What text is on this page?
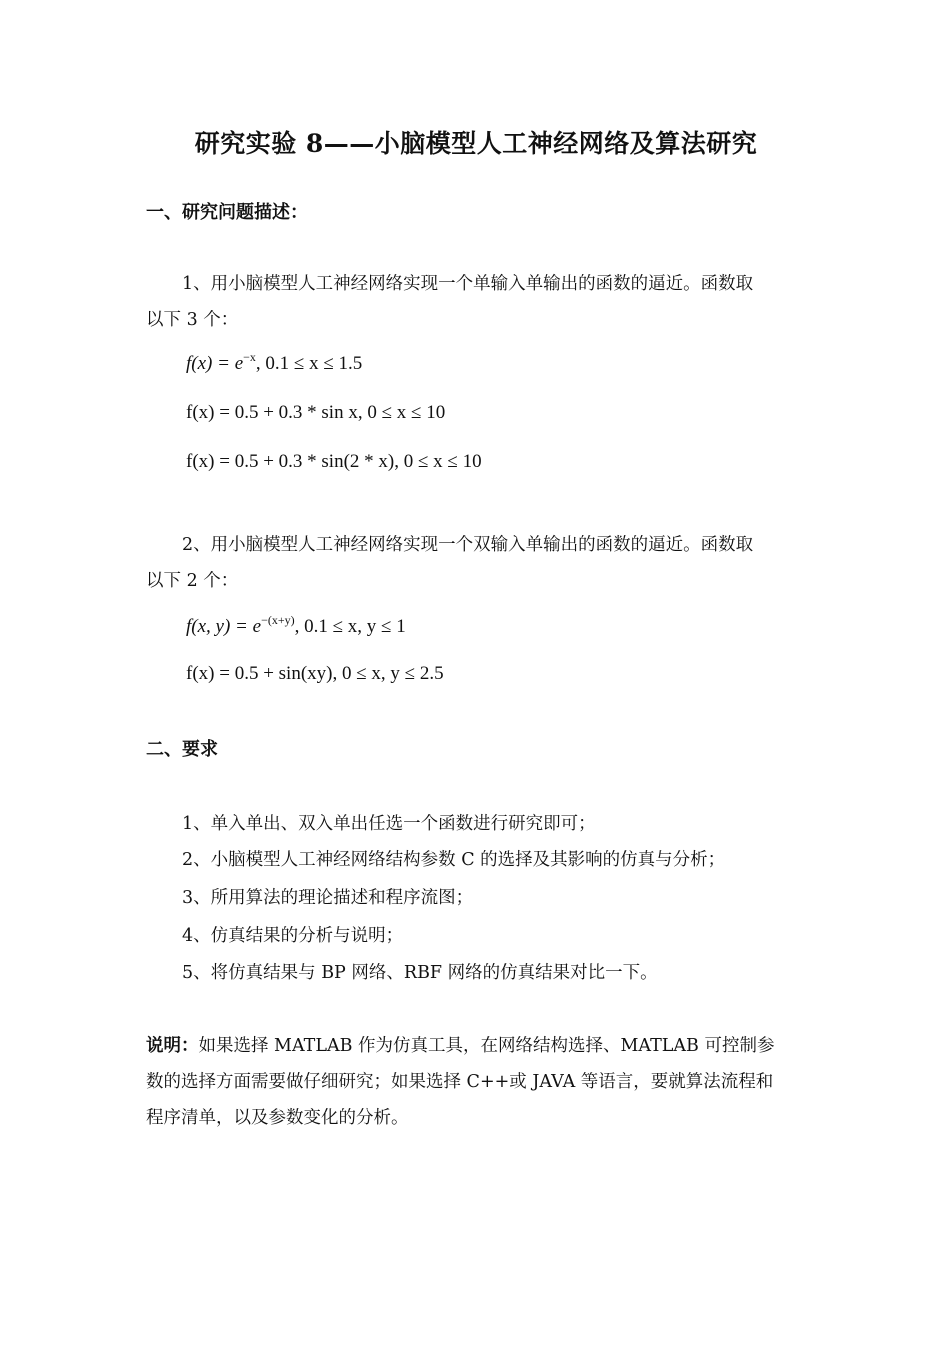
研究实验 8——小脑模型人工神经网络及算法研究
一、研究问题描述：
1、用小脑模型人工神经网络实现一个单输入单输出的函数的逼近。函数取
以下 3 个：
$f(x) = e^{-x}$, 0.1 ≤ x ≤ 1.5
f(x) = 0.5 + 0.3 * sin x, 0 ≤ x ≤ 10
f(x) = 0.5 + 0.3 * sin(2 * x), 0 ≤ x ≤ 10
2、用小脑模型人工神经网络实现一个双输入单输出的函数的逼近。函数取
以下 2 个：
f(x, $y) = e^{-(x+y)}$, 0.1 ≤ x, y ≤ 1
f(x) = 0.5 + sin(xy), 0 ≤ x, y ≤ 2.5
二、要求
1、单入单出、双入单出任选一个函数进行研究即可；
2、小脑模型人工神经网络结构参数 C 的选择及其影响的仿真与分析；
3、所用算法的理论描述和程序流图；
4、仿真结果的分析与说明；
5、将仿真结果与 BP 网络、RBF 网络的仿真结果对比一下。
说明：如果选择 MATLAB 作为仿真工具，在网络结构选择、MATLAB 可控制参
数的选择方面需要做仔细研究；如果选择 C++或 JAVA 等语言，要就算法流程和
程序清单，以及参数变化的分析。
